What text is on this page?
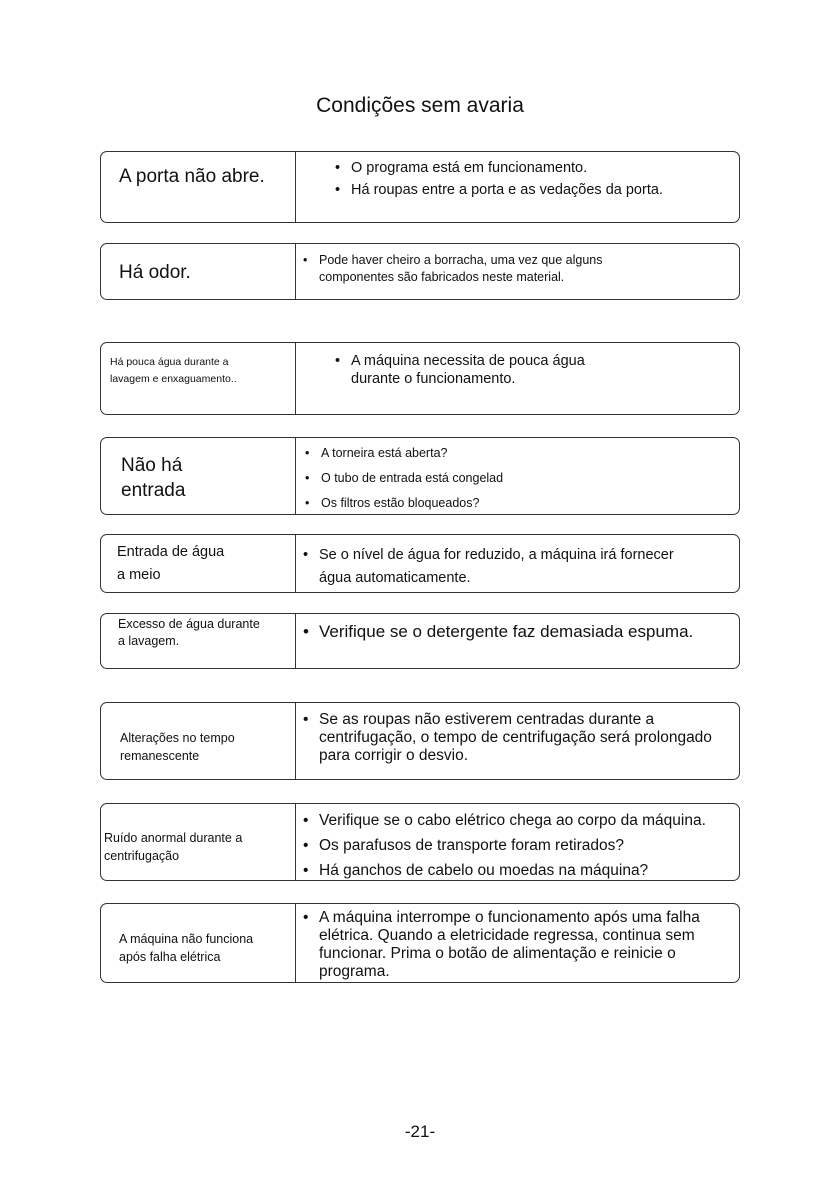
Condições sem avaria
A porta não abre.	• O programa está em funcionamento.
• Há roupas entre a porta e as vedações da porta.
Há odor.
• Pode haver cheiro a borracha, uma vez que alguns componentes são fabricados neste material.
Há pouca água durante a lavagem e enxaguamento..
• A máquina necessita de pouca água durante o funcionamento.
Não há entrada
• A torneira está aberta?
• O tubo de entrada está congelad
• Os filtros estão bloqueados?
Entrada de água a meio
• Se o nível de água for reduzido, a máquina irá fornecer água automaticamente.
Excesso de água durante a lavagem.	• Verifique se o detergente faz demasiada espuma.
Alterações no tempo remanescente
• Se as roupas não estiverem centradas durante a centrifugação, o tempo de centrifugação será prolongado para corrigir o desvio.
Ruído anormal durante a centrifugação
• Verifique se o cabo elétrico chega ao corpo da máquina.
• Os parafusos de transporte foram retirados?
• Há ganchos de cabelo ou moedas na máquina?
A máquina não funciona após falha elétrica
• A máquina interrompe o funcionamento após uma falha elétrica. Quando a eletricidade regressa, continua sem funcionar. Prima o botão de alimentação e reinicie o programa.
-21-
